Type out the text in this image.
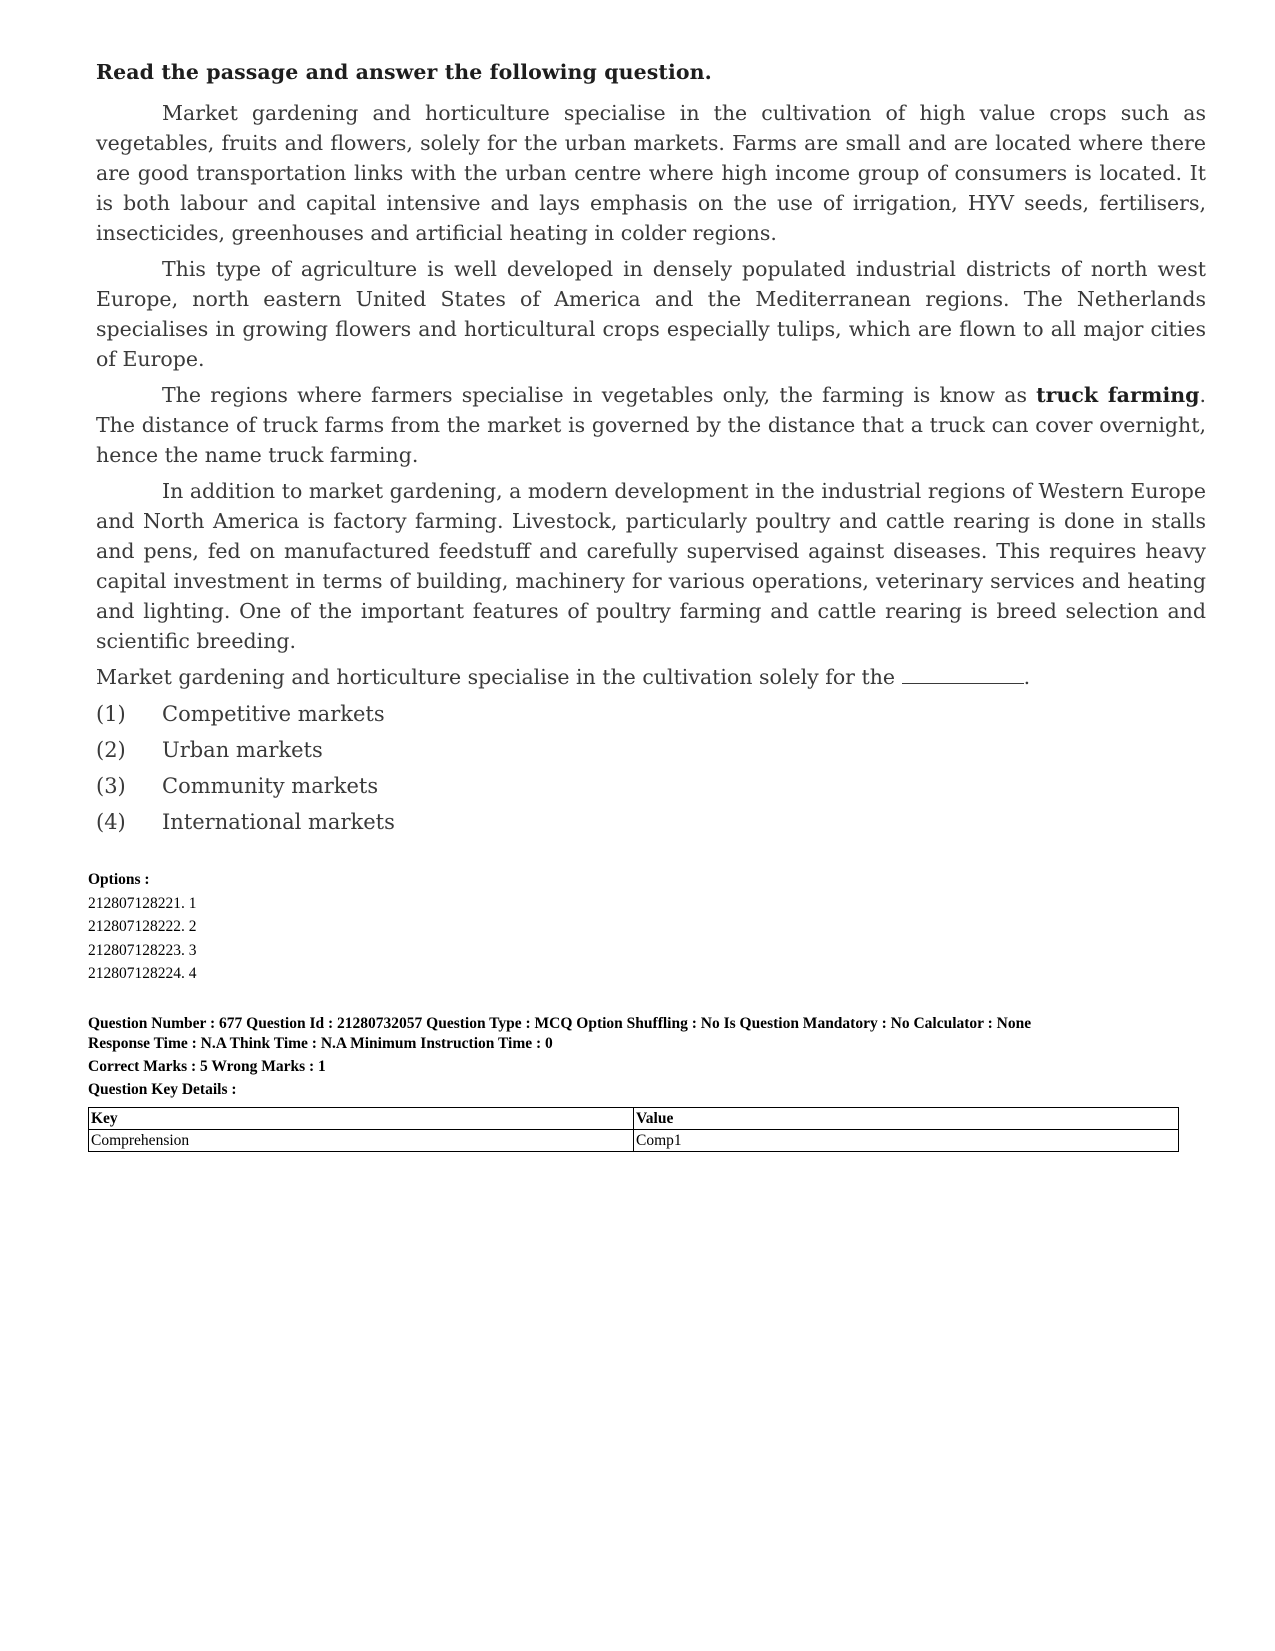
Read the passage and answer the following question.

Market gardening and horticulture specialise in the cultivation of high value crops such as vegetables, fruits and flowers, solely for the urban markets. Farms are small and are located where there are good transportation links with the urban centre where high income group of consumers is located. It is both labour and capital intensive and lays emphasis on the use of irrigation, HYV seeds, fertilisers, insecticides, greenhouses and artificial heating in colder regions.

This type of agriculture is well developed in densely populated industrial districts of north west Europe, north eastern United States of America and the Mediterranean regions. The Netherlands specialises in growing flowers and horticultural crops especially tulips, which are flown to all major cities of Europe.

The regions where farmers specialise in vegetables only, the farming is know as truck farming. The distance of truck farms from the market is governed by the distance that a truck can cover overnight, hence the name truck farming.

In addition to market gardening, a modern development in the industrial regions of Western Europe and North America is factory farming. Livestock, particularly poultry and cattle rearing is done in stalls and pens, fed on manufactured feedstuff and carefully supervised against diseases. This requires heavy capital investment in terms of building, machinery for various operations, veterinary services and heating and lighting. One of the important features of poultry farming and cattle rearing is breed selection and scientific breeding.

Market gardening and horticulture specialise in the cultivation solely for the	.

(1)	Competitive markets
(2)	Urban markets
(3)	Community markets
(4)	International markets
Options :
212807128221. 1
212807128222. 2
212807128223. 3
212807128224. 4

Question Number : 677 Question Id : 21280732057 Question Type : MCQ Option Shuffling : No Is Question Mandatory : No Calculator : None

Response Time : N.A Think Time : N.A Minimum Instruction Time : 0

Correct Marks : 5 Wrong Marks : 1

Question Key Details :

Key	Value
Comprehension	Comp1
